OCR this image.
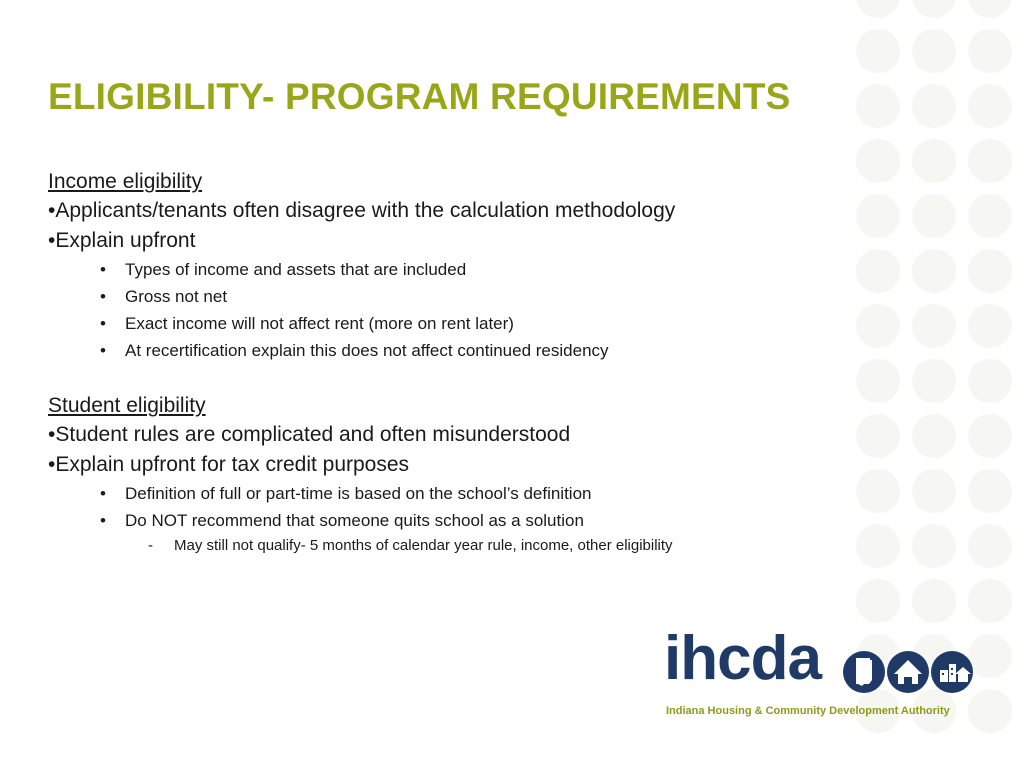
ELIGIBILITY- PROGRAM REQUIREMENTS

Income eligibility

•Applicants/tenants often disagree with the calculation methodology

•Explain upfront

• Types of income and assets that are included

• Gross not net

• Exact income will not affect rent (more on rent later)

• At recertification explain this does not affect continued residency

Student eligibility

•Student rules are complicated and often misunderstood

•Explain upfront for tax credit purposes

• Definition of full or part-time is based on the school’s definition

• Do NOT recommend that someone quits school as a solution

- May still not qualify- 5 months of calendar year rule, income, other eligibility

ihcda

Indiana Housing & Community Development Authority
